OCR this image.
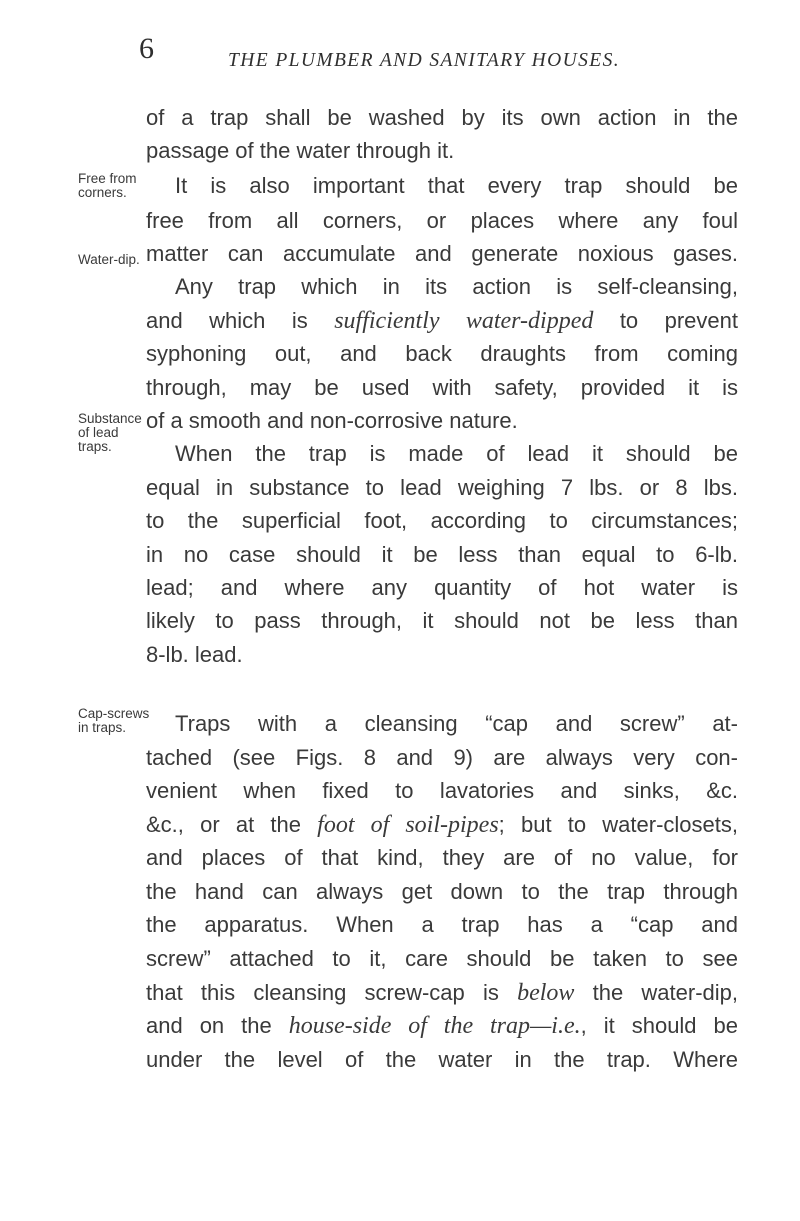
6	THE PLUMBER AND SANITARY HOUSES.
Free from
corners.
Water-dip.
Substance
of lead
traps.
Cap-screws
in traps.
of a trap shall be washed by its own action in the
passage of the water through it.
It is also important that every trap should be
free from all corners, or places where any foul
matter can accumulate and generate noxious gases.
Any trap which in its action is self-cleansing,
and which is sufficiently water-dipped to prevent
syphoning out, and back draughts from coming
through, may be used with safety, provided it is
of a smooth and non-corrosive nature.
When the trap is made of lead it should be
equal in substance to lead weighing 7 lbs. or 8 lbs.
to the superficial foot, according to circumstances;
in no case should it be less than equal to 6-lb.
lead; and where any quantity of hot water is
likely to pass through, it should not be less than
8-lb. lead.
Traps with a cleansing “cap and screw” at-
tached (see Figs. 8 and 9) are always very con-
venient when fixed to lavatories and sinks, &c.
&c., or at the foot of soil-pipes; but to water-closets,
and places of that kind, they are of no value, for
the hand can always get down to the trap through
the apparatus. When a trap has a “cap and
screw” attached to it, care should be taken to see
that this cleansing screw-cap is below the water-dip,
and on the house-side of the trap—i.e., it should be
under the level of the water in the trap. Where
